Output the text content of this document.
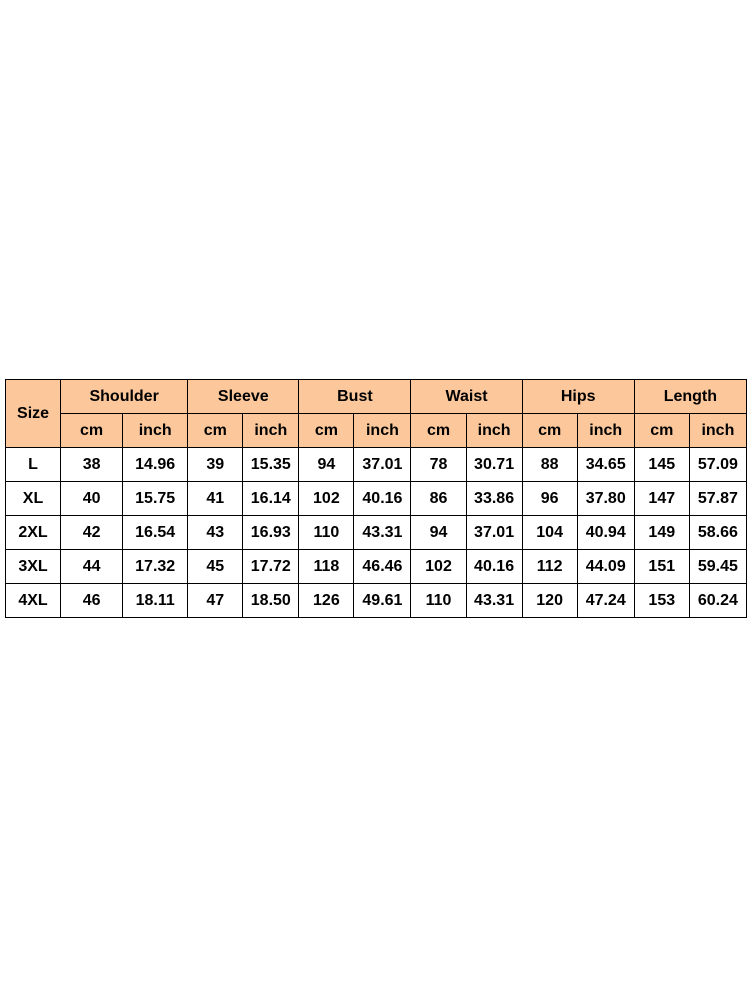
Size	Shoulder		Sleeve		Bust		Waist		Hips		Length	
	cm	inch	cm	inch	cm	inch	cm	inch	cm	inch	cm	inch
L	38	14.96	39	15.35	94	37.01	78	30.71	88	34.65	145	57.09
XL	40	15.75	41	16.14	102	40.16	86	33.86	96	37.80	147	57.87
2XL	42	16.54	43	16.93	110	43.31	94	37.01	104	40.94	149	58.66
3XL	44	17.32	45	17.72	118	46.46	102	40.16	112	44.09	151	59.45
4XL	46	18.11	47	18.50	126	49.61	110	43.31	120	47.24	153	60.24
